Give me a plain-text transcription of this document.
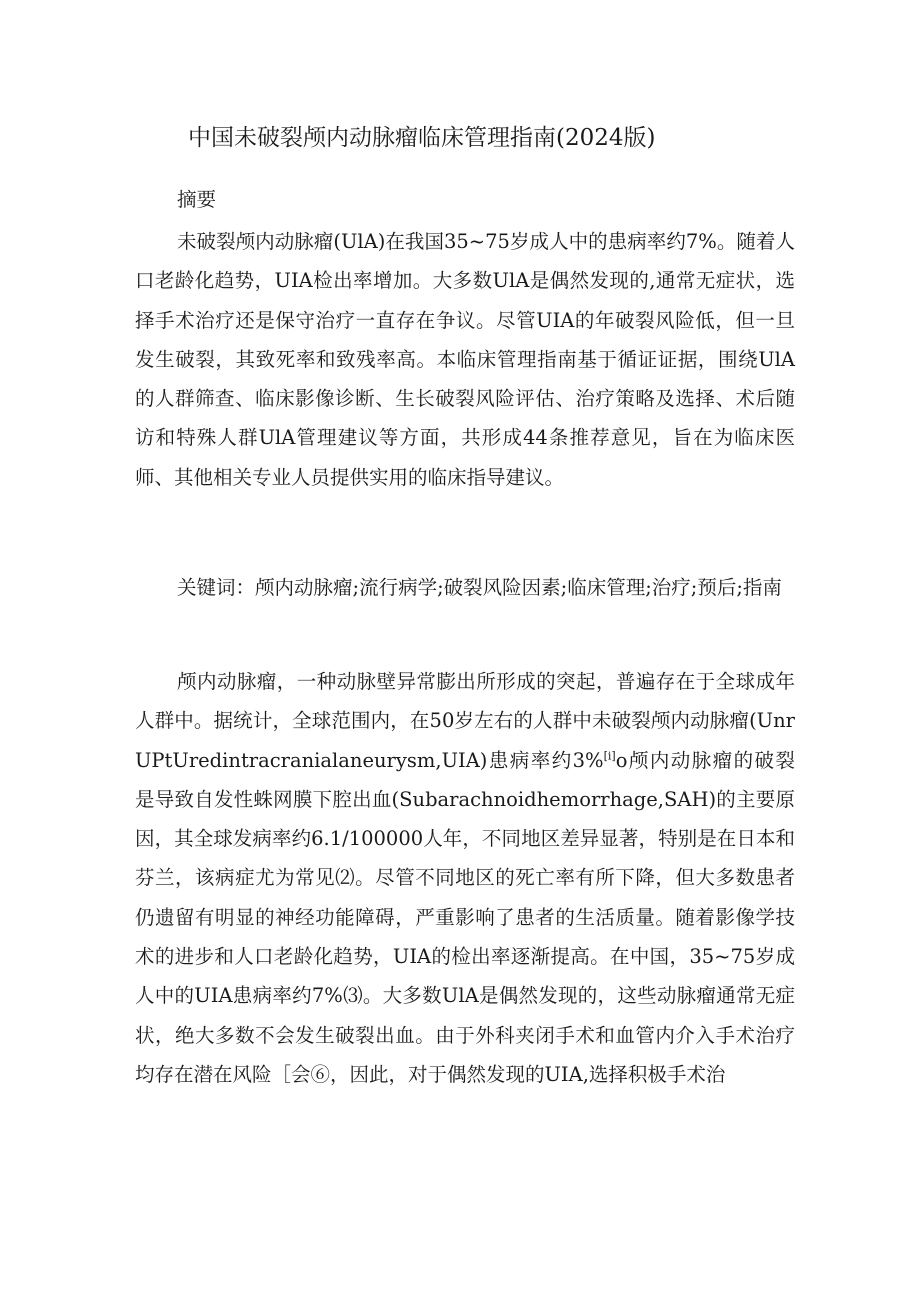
中国未破裂颅内动脉瘤临床管理指南(2024版)
摘要

未破裂颅内动脉瘤(UlA)在我国35~75岁成人中的患病率约7%。随着人口老龄化趋势，UIA检出率增加。大多数UlA是偶然发现的,通常无症状，选择手术治疗还是保守治疗一直存在争议。尽管UIA的年破裂风险低，但一旦发生破裂，其致死率和致残率高。本临床管理指南基于循证证据，围绕UlA的人群筛查、临床影像诊断、生长破裂风险评估、治疗策略及选择、术后随访和特殊人群UlA管理建议等方面，共形成44条推荐意见，旨在为临床医师、其他相关专业人员提供实用的临床指导建议。

关键词：颅内动脉瘤;流行病学;破裂风险因素;临床管理;治疗;预后;指南

颅内动脉瘤，一种动脉壁异常膨出所形成的突起，普遍存在于全球成年人群中。据统计，全球范围内，在50岁左右的人群中未破裂颅内动脉瘤(UnrUPtUredintracranialaneurysm,UIA)患病率约3%[i]o颅内动脉瘤的破裂是导致自发性蛛网膜下腔出血(Subarachnoidhemorrhage,SAH)的主要原因，其全球发病率约6.1/100000人年，不同地区差异显著，特别是在日本和芬兰，该病症尤为常见⑵。尽管不同地区的死亡率有所下降，但大多数患者仍遗留有明显的神经功能障碍，严重影响了患者的生活质量。随着影像学技术的进步和人口老龄化趋势，UIA的检出率逐渐提高。在中国，35~75岁成人中的UIA患病率约7%⑶。大多数UlA是偶然发现的，这些动脉瘤通常无症状，绝大多数不会发生破裂出血。由于外科夹闭手术和血管内介入手术治疗均存在潜在风险［会⑥，因此，对于偶然发现的UIA,选择积极手术治
